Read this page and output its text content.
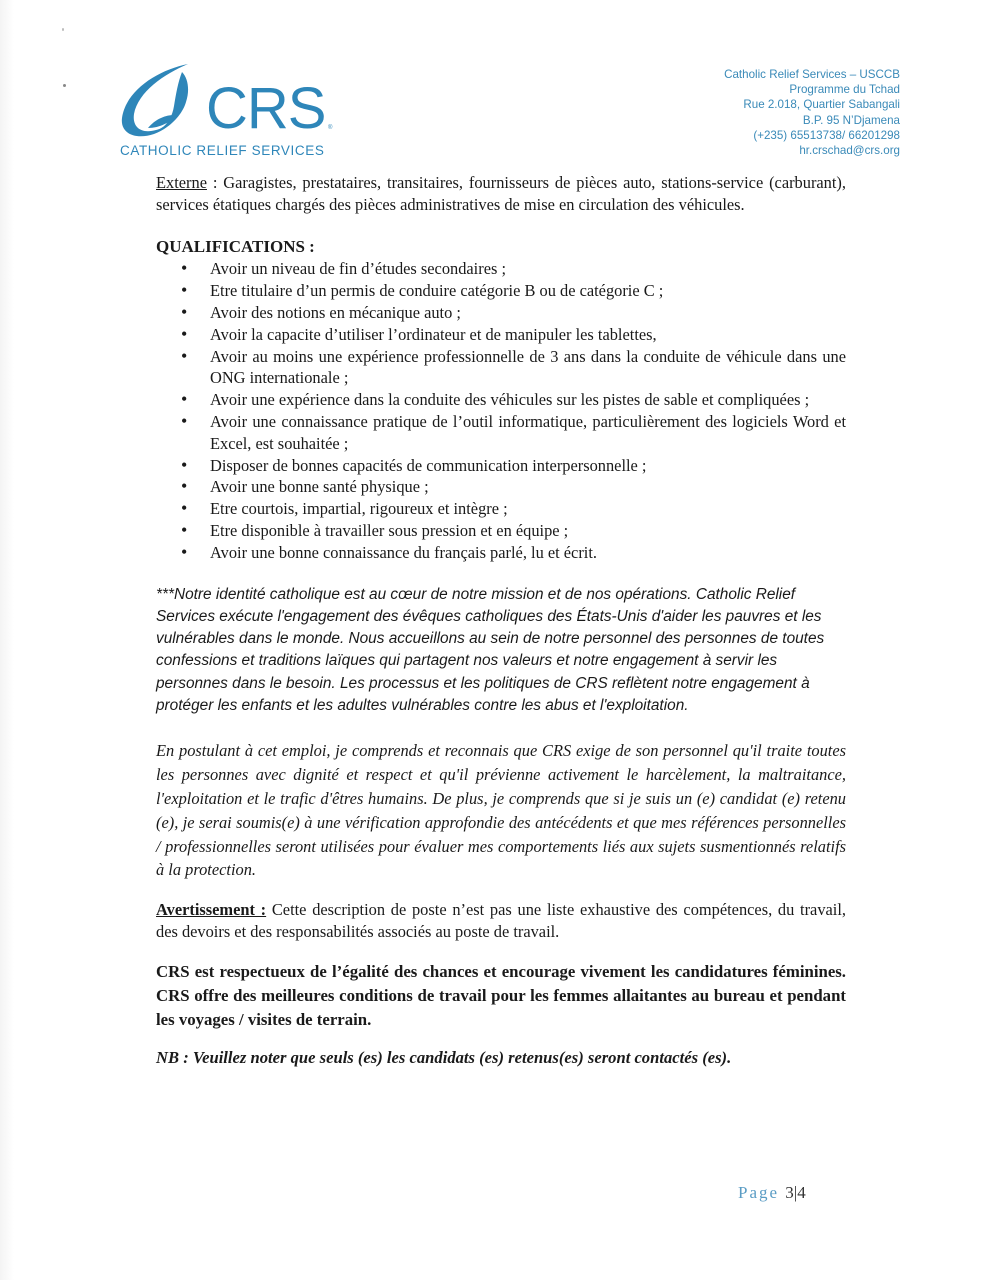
CRS ®
CATHOLIC RELIEF SERVICES
Catholic Relief Services – USCCB
Programme du Tchad
Rue 2.018, Quartier Sabangali
B.P. 95 N’Djamena
(+235) 65513738/ 66201298
hr.crschad@crs.org

Externe : Garagistes, prestataires, transitaires, fournisseurs de pièces auto, stations-service (carburant), services étatiques chargés des pièces administratives de mise en circulation des véhicules.

QUALIFICATIONS :

• Avoir un niveau de fin d’études secondaires ;
• Etre titulaire d’un permis de conduire catégorie B ou de catégorie C ;
• Avoir des notions en mécanique auto ;
• Avoir la capacite d’utiliser l’ordinateur et de manipuler les tablettes,
• Avoir au moins une expérience professionnelle de 3 ans dans la conduite de véhicule dans une ONG internationale ;
• Avoir une expérience dans la conduite des véhicules sur les pistes de sable et compliquées ;
• Avoir une connaissance pratique de l’outil informatique, particulièrement des logiciels Word et Excel, est souhaitée ;
• Disposer de bonnes capacités de communication interpersonnelle ;
• Avoir une bonne santé physique ;
• Etre courtois, impartial, rigoureux et intègre ;
• Etre disponible à travailler sous pression et en équipe ;
• Avoir une bonne connaissance du français parlé, lu et écrit.

***Notre identité catholique est au cœur de notre mission et de nos opérations. Catholic Relief Services exécute l'engagement des évêques catholiques des États-Unis d'aider les pauvres et les vulnérables dans le monde. Nous accueillons au sein de notre personnel des personnes de toutes confessions et traditions laïques qui partagent nos valeurs et notre engagement à servir les personnes dans le besoin. Les processus et les politiques de CRS reflètent notre engagement à protéger les enfants et les adultes vulnérables contre les abus et l'exploitation.

En postulant à cet emploi, je comprends et reconnais que CRS exige de son personnel qu'il traite toutes les personnes avec dignité et respect et qu'il prévienne activement le harcèlement, la maltraitance, l'exploitation et le trafic d'êtres humains. De plus, je comprends que si je suis un (e) candidat (e) retenu (e), je serai soumis(e) à une vérification approfondie des antécédents et que mes références personnelles / professionnelles seront utilisées pour évaluer mes comportements liés aux sujets susmentionnés relatifs à la protection.

Avertissement : Cette description de poste n’est pas une liste exhaustive des compétences, du travail, des devoirs et des responsabilités associés au poste de travail.

CRS est respectueux de l’égalité des chances et encourage vivement les candidatures féminines. CRS offre des meilleures conditions de travail pour les femmes allaitantes au bureau et pendant les voyages / visites de terrain.

NB : Veuillez noter que seuls (es) les candidats (es) retenus(es) seront contactés (es).

Page 3|4
